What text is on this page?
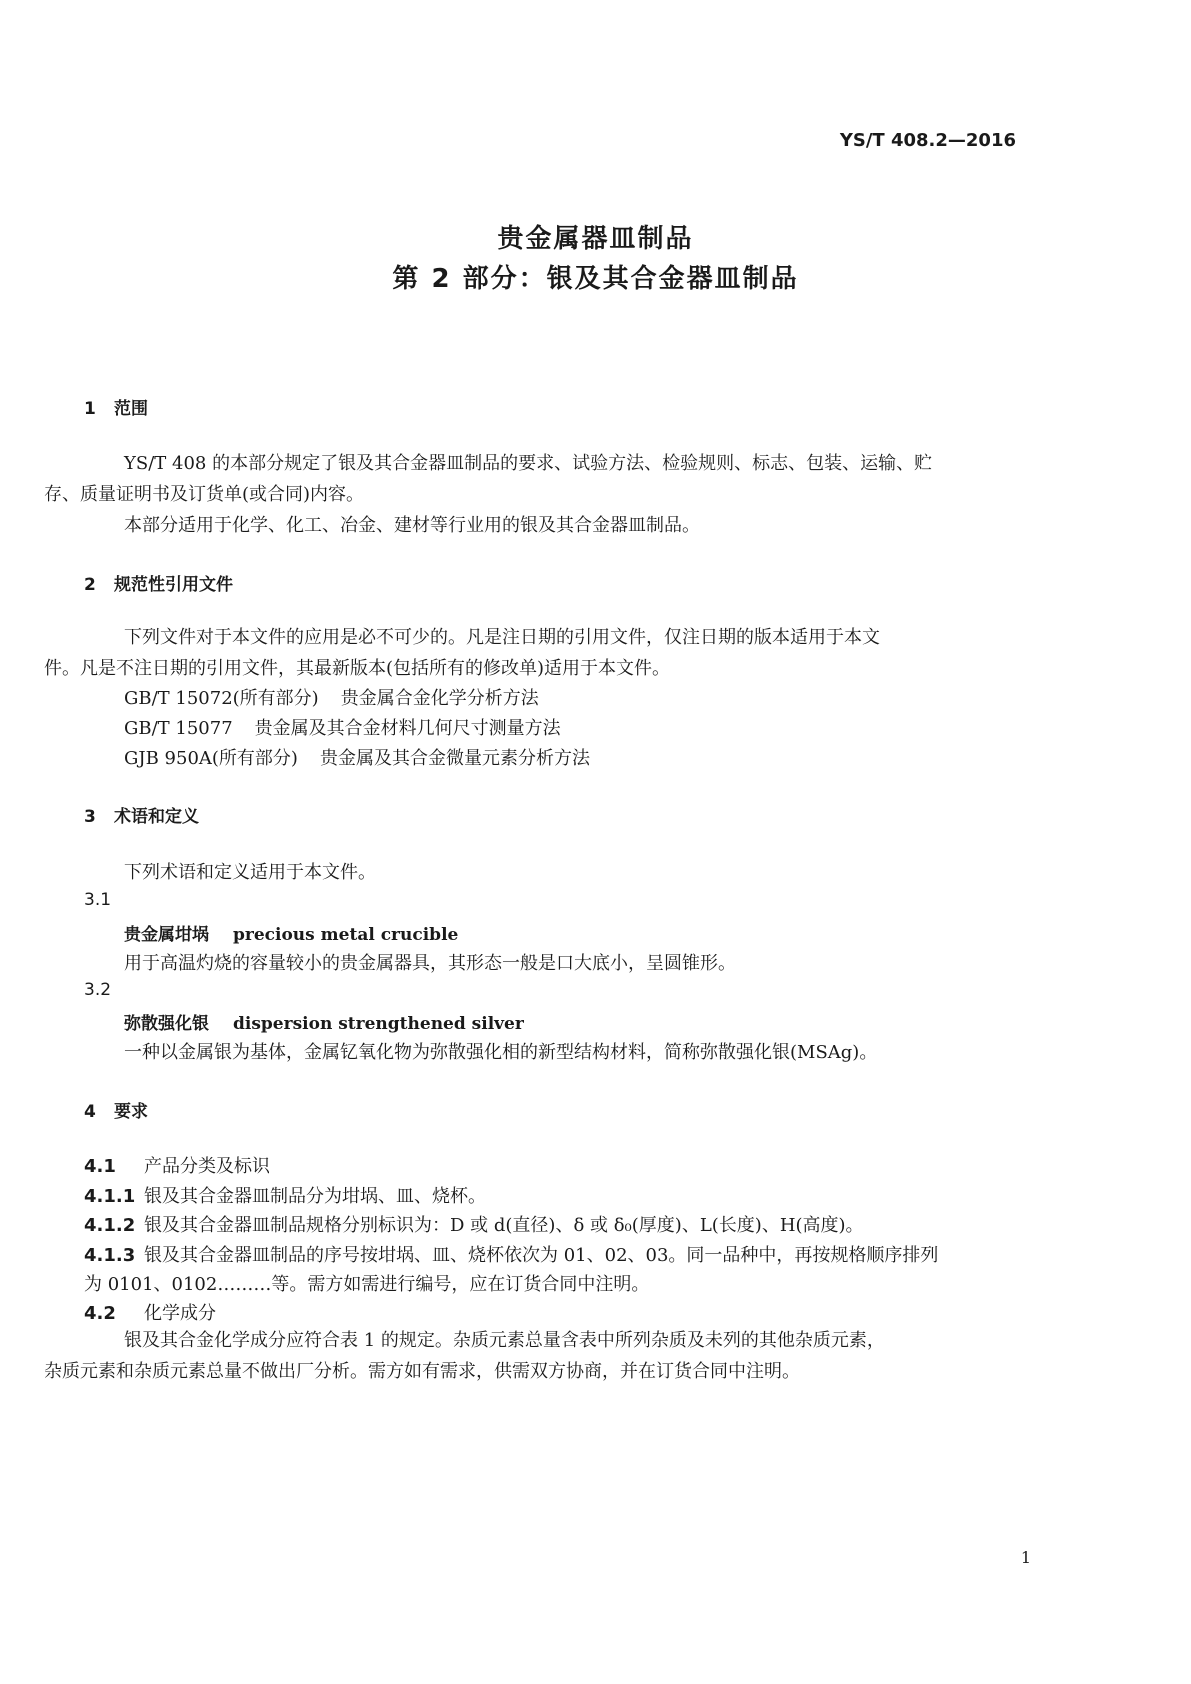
YS/T 408.2—2016
贵金属器皿制品
第 2 部分：银及其合金器皿制品
1 范围

YS/T 408 的本部分规定了银及其合金器皿制品的要求、试验方法、检验规则、标志、包装、运输、贮
存、质量证明书及订货单(或合同)内容。

本部分适用于化学、化工、冶金、建材等行业用的银及其合金器皿制品。

2 规范性引用文件

下列文件对于本文件的应用是必不可少的。凡是注日期的引用文件，仅注日期的版本适用于本文
件。凡是不注日期的引用文件，其最新版本(包括所有的修改单)适用于本文件。

GB/T 15072(所有部分) 贵金属合金化学分析方法
GB/T 15077 贵金属及其合金材料几何尺寸测量方法
GJB 950A(所有部分) 贵金属及其合金微量元素分析方法
3 术语和定义
下列术语和定义适用于本文件。
3.1
贵金属坩埚 precious metal crucible
用于高温灼烧的容量较小的贵金属器具，其形态一般是口大底小，呈圆锥形。
3.2
弥散强化银 dispersion strengthened silver
一种以金属银为基体，金属钇氧化物为弥散强化相的新型结构材料，简称弥散强化银(MSAg)。
4 要求
4.1 产品分类及标识
4.1.1 银及其合金器皿制品分为坩埚、皿、烧杯。
4.1.2 银及其合金器皿制品规格分别标识为：D 或 d(直径)、δ 或 δ₀(厚度)、L(长度)、H(高度)。
4.1.3 银及其合金器皿制品的序号按坩埚、皿、烧杯依次为 01、02、03。同一品种中，再按规格顺序排列
为 0101、0102………等。需方如需进行编号，应在订货合同中注明。
4.2 化学成分

银及其合金化学成分应符合表 1 的规定。杂质元素总量含表中所列杂质及未列的其他杂质元素，
杂质元素和杂质元素总量不做出厂分析。需方如有需求，供需双方协商，并在订货合同中注明。

1
